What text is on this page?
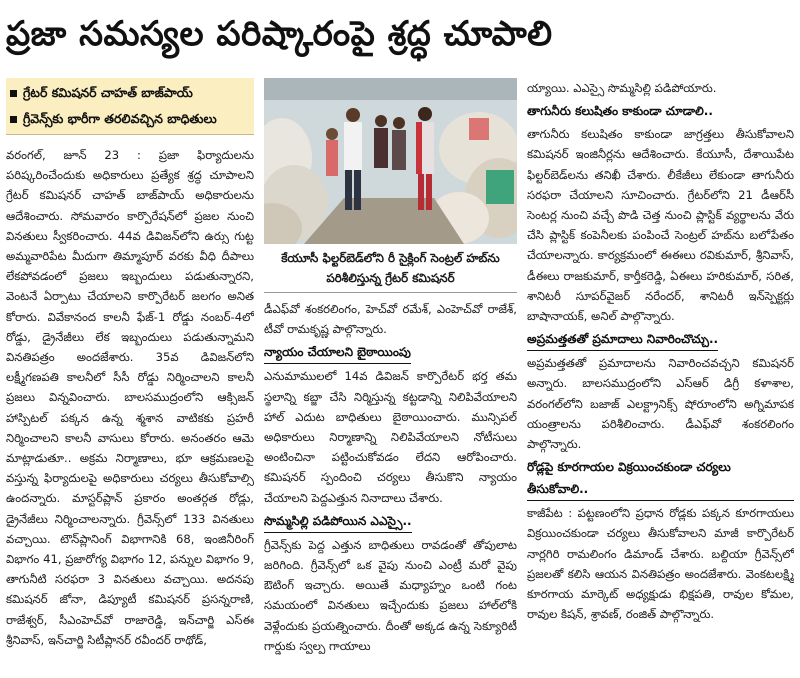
ప్రజా సమస్యల పరిష్కారంపై శ్రద్ధ చూపాలి
గ్రేటర్ కమిషనర్ చాహత్ బాజ్‌పాయ్
గ్రీవెన్స్‌కు భారీగా తరలివచ్చిన బాధితులు

వరంగల్, జూన్ 23 : ప్రజా ఫిర్యాదులను పరిష్కరించేందుకు అధికారులు ప్రత్యేక శ్రద్ధ చూపాలని గ్రేటర్ కమిషనర్ చాహత్ బాజ్‌పాయ్ అధికారులను ఆదేశించారు. సోమవారం కార్పొరేషన్‌లో ప్రజల నుంచి వినతులు స్వీకరించారు. 44వ డివిజన్‌లోని ఉర్సు గుట్ట అమ్మవారిపేట మీదుగా తిమ్మాపూర్ వరకు వీధి దీపాలు లేకపోవడంలో ప్రజలు ఇబ్బందులు పడుతున్నారని, వెంటనే ఏర్పాటు చేయాలని కార్పొరేటర్ జలగం అనిత కోరారు. వివేకానంద కాలనీ ఫేజ్-1 రోడ్డు నంబర్-4లో రోడ్డు, డ్రైనేజీలు లేక ఇబ్బందులు పడుతున్నామని వినతిపత్రం అందజేశారు. 35వ డివిజన్‌లోని లక్ష్మీగణపతి కాలనీలో సీసీ రోడ్డు నిర్మించాలని కాలనీ ప్రజలు విన్నవించారు. బాలసముద్రంలోని ఆక్సిజన్ హాస్పిటల్ పక్కన ఉన్న శ్మశాన వాటికకు ప్రహరీ నిర్మించాలని కాలనీ వాసులు కోరారు. అనంతరం ఆమె మాట్లాడుతూ.. అక్రమ నిర్మాణాలు, భూ ఆక్రమణలపై వస్తున్న ఫిర్యాదులపై అధికారులు చర్యలు తీసుకోవాల్సి ఉందన్నారు. మాస్టర్‌ప్లాన్ ప్రకారం అంతర్గత రోడ్లు, డ్రైనేజీలు నిర్మించాలన్నారు. గ్రీవెన్స్‌లో 133 వినతులు వచ్చాయి. టౌన్‌ప్లానింగ్ విభాగానికి 68, ఇంజినీరింగ్ విభాగం 41, ప్రజారోగ్య విభాగం 12, పన్నుల విభాగం 9, తాగునీటి సరఫరా 3 వినతులు వచ్చాయి. అదనపు కమిషనర్ జోనా, డిప్యూటీ కమిషనర్ ప్రసన్నరాణి, రాజేశ్వర్, సీఎంహెచ్‌వో రాజారెడ్డి, ఇన్‌చార్జి ఎస్‌ఈ శ్రీనివాస్, ఇన్‌చార్జి సిటీప్లానర్ రవీందర్ రాథోడ్,

కేయూసీ ఫిల్టర్‌బెడ్‌లోని రీ సైక్లింగ్ సెంట్రల్ హబ్‌ను పరిశీలిస్తున్న గ్రేటర్ కమిషనర్

డీఎఫ్‌వో శంకరలింగం, హెచ్‌వో రమేశ్, ఎంహెచ్‌వో రాజేశ్, టీవో రామకృష్ణ పాల్గొన్నారు.

న్యాయం చేయాలని బైఠాయింపు

ఎనుమాములలో 14వ డివిజన్ కార్పొరేటర్ భర్త తమ స్థలాన్ని కబ్జా చేసి నిర్మిస్తున్న కట్టడాన్ని నిలిపివేయాలని హాల్ ఎదుట బాధితులు బైఠాయించారు. మున్సిపల్ అధికారులు నిర్మాణాన్ని నిలిపివేయాలని నోటీసులు అంటించినా పట్టించుకోవడం లేదని ఆరోపించారు. కమిషనర్ స్పందించి చర్యలు తీసుకొని న్యాయం చేయాలని పెద్దఎత్తున నినాదాలు చేశారు.

సొమ్మసిల్లి పడిపోయిన ఎఎస్సై..

గ్రీవెన్స్‌కు పెద్ద ఎత్తున బాధితులు రావడంతో తోపులాట జరిగింది. గ్రీవెన్స్‌లో ఒక వైపు నుంచి ఎంట్రీ మరో వైపు ఔటింగ్ ఇచ్చారు. అయితే మధ్యాహ్నం ఒంటి గంట సమయంలో వినతులు ఇచ్చేందుకు ప్రజలు హాల్‌లోకి వెళ్లేందుకు ప్రయత్నించారు. దీంతో అక్కడ ఉన్న సెక్యూరిటీ గార్డుకు స్వల్ప గాయాలు

య్యాయి. ఎఎస్సై సొమ్మసిల్లి పడిపోయారు.

తాగునీరు కలుషితం కాకుండా చూడాలి..

తాగునీరు కలుషితం కాకుండా జాగ్రత్తలు తీసుకోవాలని కమిషనర్ ఇంజినీర్లను ఆదేశించారు. కేయూసీ, దేశాయిపేట ఫిల్టర్‌బెడ్‌లను తనిఖీ చేశారు. లీకేజీలు లేకుండా తాగునీరు సరఫరా చేయాలని సూచించారు. గ్రేటర్‌లోని 21 డీఆర్‌సీ సెంటర్ల నుంచి వచ్చే పొడి చెత్త నుంచి ప్లాస్టిక్ వ్యర్థాలను వేరు చేసి ప్లాస్టిక్ కంపెనీలకు పంపించే సెంట్రల్ హబ్‌ను బలోపేతం చేయాలన్నారు. కార్యక్రమంలో ఈఈలు రవికుమార్, శ్రీనివాస్, డీఈలు రాజకుమార్, కార్తీకరెడ్డి, ఏఈలు హరికుమార్, సరిత, శానిటరీ సూపర్‌వైజర్ నరేందర్, శానిటరీ ఇన్‌స్పెక్టర్లు బాషానాయక్, అనిల్ పాల్గొన్నారు.

అప్రమత్తతతో ప్రమాదాలు నివారించొచ్చు..

అప్రమత్తతతో ప్రమాదాలను నివారించవచ్చని కమిషనర్ అన్నారు. బాలసముద్రంలోని ఎస్‌ఆర్ డిగ్రీ కళాశాల, వరంగల్‌లోని బజాజ్ ఎలక్ట్రానిక్స్ షోరూంలోని అగ్నిమాపక యంత్రాలను పరిశీలించారు. డీఎఫ్‌వో శంకరలింగం పాల్గొన్నారు.

రోడ్లపై కూరగాయల విక్రయించకుండా చర్యలు తీసుకోవాలి..

కాజీపేట : పట్టణంలోని ప్రధాన రోడ్లకు పక్కన కూరగాయలు విక్రయించకుండా చర్యలు తీసుకోవాలని మాజీ కార్పొరేటర్ నార్లగిరి రామలింగం డిమాండ్ చేశారు. బల్దియా గ్రీవెన్స్‌లో ప్రజలతో కలిసి ఆయన వినతిపత్రం అందజేశారు. వెంకటలక్ష్మి కూరగాయ మార్కెట్ అధ్యక్షుడు భిక్షపతి, రావుల కోమల, రావుల కిషన్, శ్రావణ్, రంజిత్ పాల్గొన్నారు.
